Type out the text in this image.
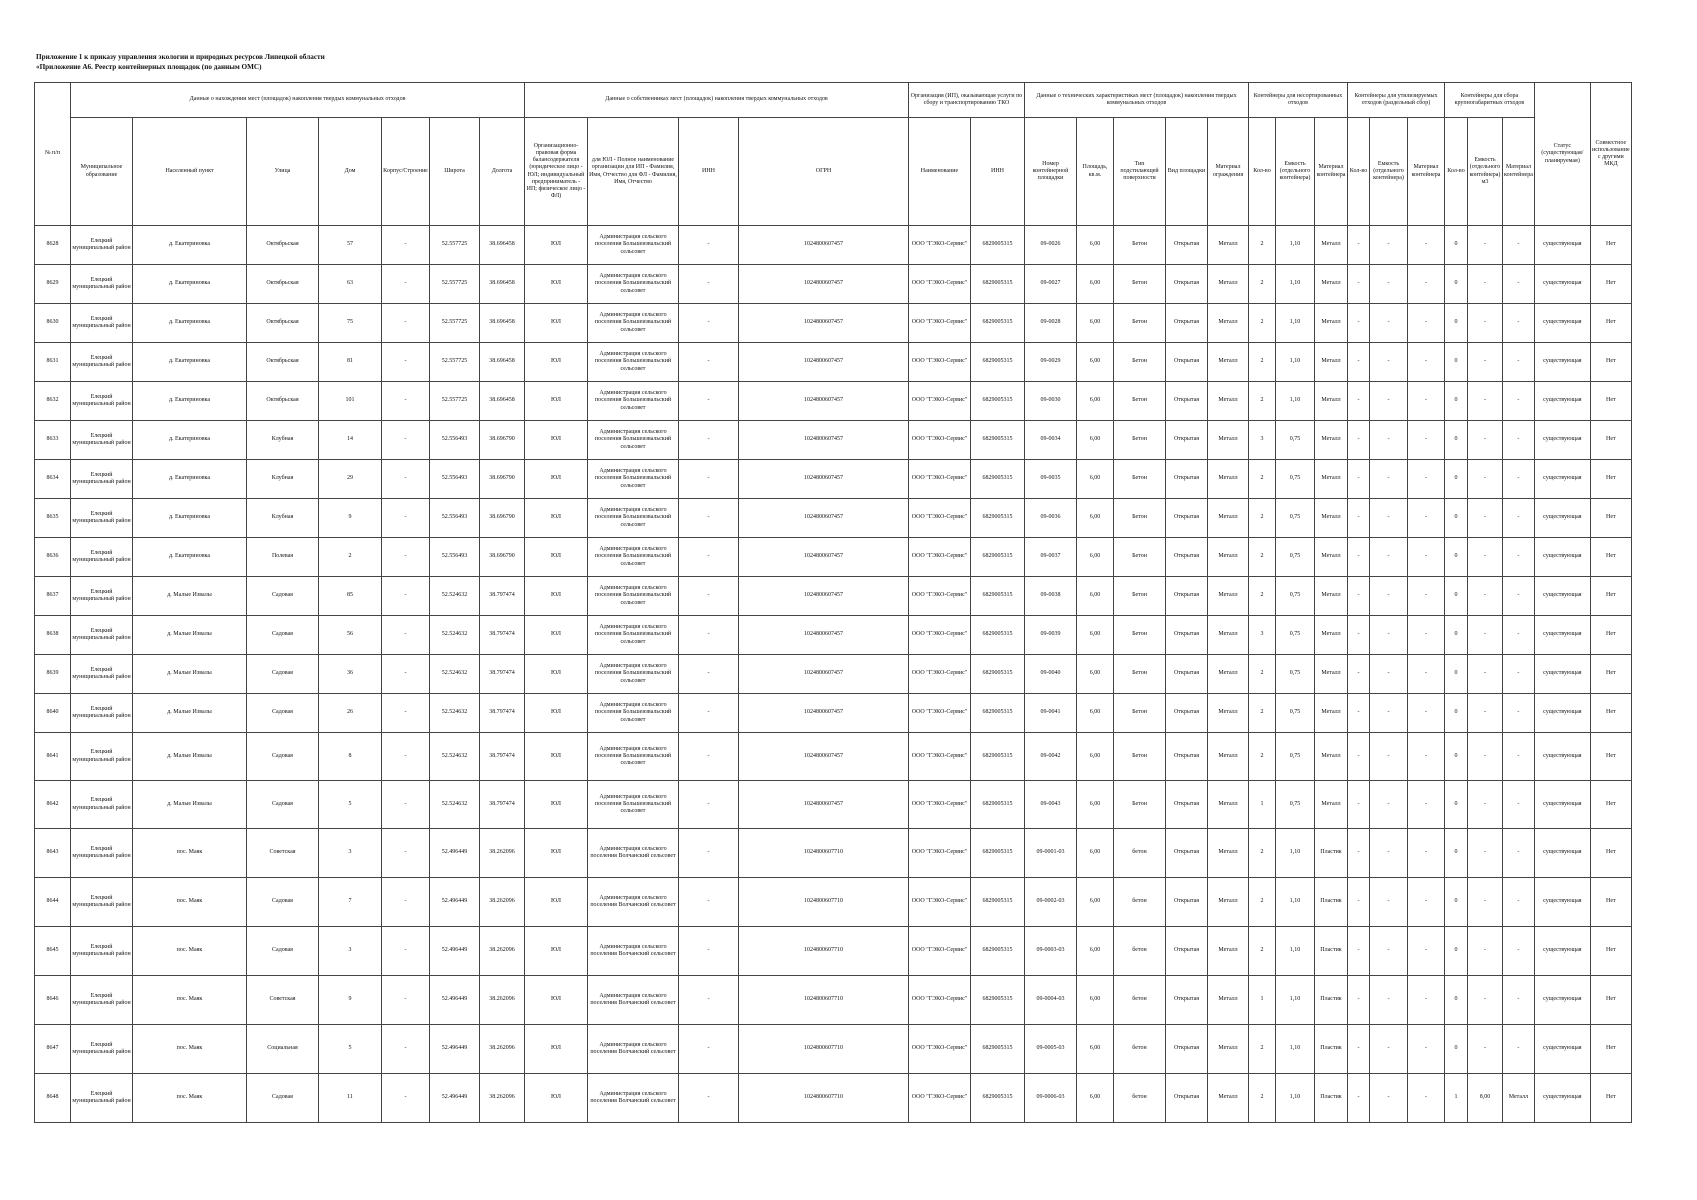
Приложение 1 к приказу управления экологии и природных ресурсов Липецкой области
«Приложение А6. Реестр контейнерных площадок (по данным ОМС)
№ п/п	Данные о нахождении мест (площадок) накопления твердых коммунальных отходов							Данные о собственниках мест (площадок) накопления твердых коммунальных отходов				Организация (ИП), оказывающая услуги по сбору и транспортированию ТКО		Данные о технических характеристиках мест (площадок) накопления твердых коммунальных отходов					Контейнеры для несортированных отходов			Контейнеры для утилизируемых отходов (раздельный сбор)			Контейнеры для сбора крупногабаритных отходов			Статус (существующая/ планируемая)	Совместное использование с другими МКД
	Муниципальное образование	Населенный пункт	Улица	Дом	Корпус/Строение	Широта	Долгота	Организационно-правовая форма балансодержателя (юридическое лицо - ЮЛ; индивидуальный предприниматель - ИП; физическое лицо - ФЛ)	для ЮЛ - Полное наименование организации для ИП - Фамилия, Имя, Отчество для ФЛ - Фамилия, Имя, Отчество	ИНН	ОГРН	Наименование	ИНН	Номер контейнерной площадки	Площадь, кв.м.	Тип подстилающей поверхности	Вид площадки	Материал ограждения	Кол-во	Емкость (отдельного контейнера)	Материал контейнера	Кол-во	Емкость (отдельного контейнера)	Материал контейнера	Кол-во	Емкость (отдельного контейнера) м3	Материал контейнера		
8628	Елецкий муниципальный район	д. Екатериновка	Октябрьская	57	-	52.557725	38.696458	ЮЛ	Администрация сельского поселения Большеизвальский сельсовет	-	1024800607457	ООО "ГЭКО-Сервис"	6829005315	09-0026	6,00	Бетон	Открытая	Металл	2	1,10	Металл	-	-	-	0	-	-	существующая	Нет
8629	Елецкий муниципальный район	д. Екатериновка	Октябрьская	63	-	52.557725	38.696458	ЮЛ	Администрация сельского поселения Большеизвальский сельсовет	-	1024800607457	ООО "ГЭКО-Сервис"	6829005315	09-0027	6,00	Бетон	Открытая	Металл	2	1,10	Металл	-	-	-	0	-	-	существующая	Нет
8630	Елецкий муниципальный район	д. Екатериновка	Октябрьская	75	-	52.557725	38.696458	ЮЛ	Администрация сельского поселения Большеизвальский сельсовет	-	1024800607457	ООО "ГЭКО-Сервис"	6829005315	09-0028	6,00	Бетон	Открытая	Металл	2	1,10	Металл	-	-	-	0	-	-	существующая	Нет
8631	Елецкий муниципальный район	д. Екатериновка	Октябрьская	81	-	52.557725	38.696458	ЮЛ	Администрация сельского поселения Большеизвальский сельсовет	-	1024800607457	ООО "ГЭКО-Сервис"	6829005315	09-0029	6,00	Бетон	Открытая	Металл	2	1,10	Металл	-	-	-	0	-	-	существующая	Нет
8632	Елецкий муниципальный район	д. Екатериновка	Октябрьская	101	-	52.557725	38.696458	ЮЛ	Администрация сельского поселения Большеизвальский сельсовет	-	1024800607457	ООО "ГЭКО-Сервис"	6829005315	09-0030	6,00	Бетон	Открытая	Металл	2	1,10	Металл	-	-	-	0	-	-	существующая	Нет
8633	Елецкий муниципальный район	д. Екатериновка	Клубная	14	-	52.556493	38.696790	ЮЛ	Администрация сельского поселения Большеизвальский сельсовет	-	1024800607457	ООО "ГЭКО-Сервис"	6829005315	09-0034	6,00	Бетон	Открытая	Металл	3	0,75	Металл	-	-	-	0	-	-	существующая	Нет
8634	Елецкий муниципальный район	д. Екатериновка	Клубная	29	-	52.556493	38.696790	ЮЛ	Администрация сельского поселения Большеизвальский сельсовет	-	1024800607457	ООО "ГЭКО-Сервис"	6829005315	09-0035	6,00	Бетон	Открытая	Металл	2	0,75	Металл	-	-	-	0	-	-	существующая	Нет
8635	Елецкий муниципальный район	д. Екатериновка	Клубная	9	-	52.556493	38.696790	ЮЛ	Администрация сельского поселения Большеизвальский сельсовет	-	1024800607457	ООО "ГЭКО-Сервис"	6829005315	09-0036	6,00	Бетон	Открытая	Металл	2	0,75	Металл	-	-	-	0	-	-	существующая	Нет
8636	Елецкий муниципальный район	д. Екатериновка	Полевая	2	-	52.556493	38.696790	ЮЛ	Администрация сельского поселения Большеизвальский сельсовет	-	1024800607457	ООО "ГЭКО-Сервис"	6829005315	09-0037	6,00	Бетон	Открытая	Металл	2	0,75	Металл	-	-	-	0	-	-	существующая	Нет
8637	Елецкий муниципальный район	д. Малые Извалы	Садовая	85	-	52.524632	38.797474	ЮЛ	Администрация сельского поселения Большеизвальский сельсовет	-	1024800607457	ООО "ГЭКО-Сервис"	6829005315	09-0038	6,00	Бетон	Открытая	Металл	2	0,75	Металл	-	-	-	0	-	-	существующая	Нет
8638	Елецкий муниципальный район	д. Малые Извалы	Садовая	56	-	52.524632	38.797474	ЮЛ	Администрация сельского поселения Большеизвальский сельсовет	-	1024800607457	ООО "ГЭКО-Сервис"	6829005315	09-0039	6,00	Бетон	Открытая	Металл	3	0,75	Металл	-	-	-	0	-	-	существующая	Нет
8639	Елецкий муниципальный район	д. Малые Извалы	Садовая	36	-	52.524632	38.797474	ЮЛ	Администрация сельского поселения Большеизвальский сельсовет	-	1024800607457	ООО "ГЭКО-Сервис"	6829005315	09-0040	6,00	Бетон	Открытая	Металл	2	0,75	Металл	-	-	-	0	-	-	существующая	Нет
8640	Елецкий муниципальный район	д. Малые Извалы	Садовая	26	-	52.524632	38.797474	ЮЛ	Администрация сельского поселения Большеизвальский сельсовет	-	1024800607457	ООО "ГЭКО-Сервис"	6829005315	09-0041	6,00	Бетон	Открытая	Металл	2	0,75	Металл	-	-	-	0	-	-	существующая	Нет
8641	Елецкий муниципальный район	д. Малые Извалы	Садовая	8	-	52.524632	38.797474	ЮЛ	Администрация сельского поселения Большеизвальский сельсовет	-	1024800607457	ООО "ГЭКО-Сервис"	6829005315	09-0042	6,00	Бетон	Открытая	Металл	2	0,75	Металл	-	-	-	0	-	-	существующая	Нет
8642	Елецкий муниципальный район	д. Малые Извалы	Садовая	5	-	52.524632	38.797474	ЮЛ	Администрация сельского поселения Большеизвальский сельсовет	-	1024800607457	ООО "ГЭКО-Сервис"	6829005315	09-0043	6,00	Бетон	Открытая	Металл	1	0,75	Металл	-	-	-	0	-	-	существующая	Нет
8643	Елецкий муниципальный район	пос. Маяк	Советская	3	-	52.496449	38.262096	ЮЛ	Администрация сельского поселения Волчанский сельсовет	-	1024800607710	ООО "ГЭКО-Сервис"	6829005315	09-0001-03	6,00	бетон	Открытая	Металл	2	1,10	Пластик	-	-	-	0	-	-	существующая	Нет
8644	Елецкий муниципальный район	пос. Маяк	Садовая	7	-	52.496449	38.262096	ЮЛ	Администрация сельского поселения Волчанский сельсовет	-	1024800607710	ООО "ГЭКО-Сервис"	6829005315	09-0002-03	6,00	бетон	Открытая	Металл	2	1,10	Пластик	-	-	-	0	-	-	существующая	Нет
8645	Елецкий муниципальный район	пос. Маяк	Садовая	3	-	52.496449	38.262096	ЮЛ	Администрация сельского поселения Волчанский сельсовет	-	1024800607710	ООО "ГЭКО-Сервис"	6829005315	09-0003-03	6,00	бетон	Открытая	Металл	2	1,10	Пластик	-	-	-	0	-	-	существующая	Нет
8646	Елецкий муниципальный район	пос. Маяк	Советская	9	-	52.496449	38.262096	ЮЛ	Администрация сельского поселения Волчанский сельсовет	-	1024800607710	ООО "ГЭКО-Сервис"	6829005315	09-0004-03	6,00	бетон	Открытая	Металл	1	1,10	Пластик	-	-	-	0	-	-	существующая	Нет
8647	Елецкий муниципальный район	пос. Маяк	Социальная	5	-	52.496449	38.262096	ЮЛ	Администрация сельского поселения Волчанский сельсовет	-	1024800607710	ООО "ГЭКО-Сервис"	6829005315	09-0005-03	6,00	бетон	Открытая	Металл	2	1,10	Пластик	-	-	-	0	-	-	существующая	Нет
8648	Елецкий муниципальный район	пос. Маяк	Садовая	11	-	52.496449	38.262096	ЮЛ	Администрация сельского поселения Волчанский сельсовет	-	1024800607710	ООО "ГЭКО-Сервис"	6829005315	09-0006-03	6,00	бетон	Открытая	Металл	2	1,10	Пластик	-	-	-	1	8,00	Металл	существующая	Нет
